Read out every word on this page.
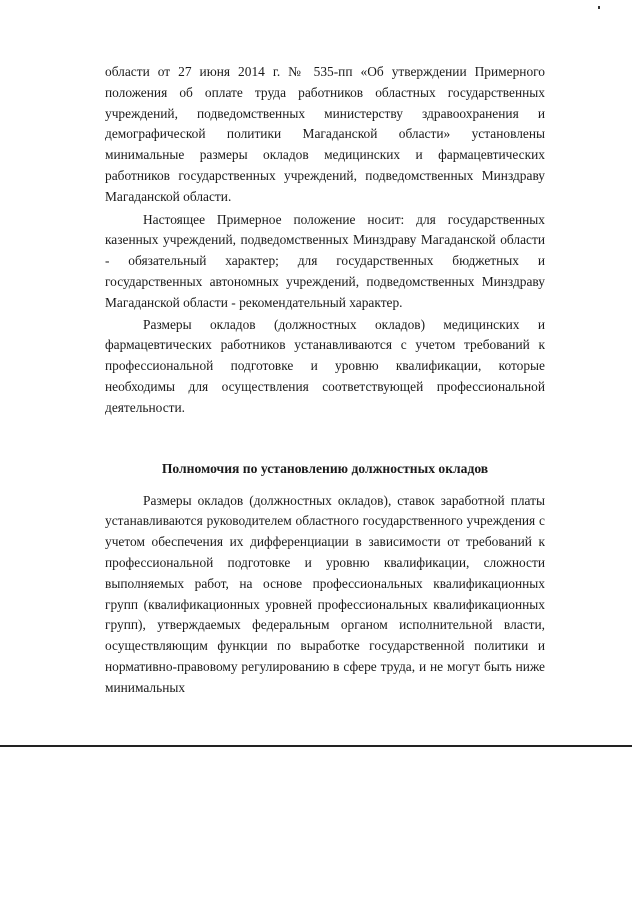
области от 27 июня 2014 г. № 535-пп «Об утверждении Примерного положения об оплате труда работников областных государственных учреждений, подведомственных министерству здравоохранения и демографической политики Магаданской области» установлены минимальные размеры окладов медицинских и фармацевтических работников государственных учреждений, подведомственных Минздраву Магаданской области.

Настоящее Примерное положение носит: для государственных казенных учреждений, подведомственных Минздраву Магаданской области - обязательный характер; для государственных бюджетных и государственных автономных учреждений, подведомственных Минздраву Магаданской области - рекомендательный характер.

Размеры окладов (должностных окладов) медицинских и фармацевтических работников устанавливаются с учетом требований к профессиональной подготовке и уровню квалификации, которые необходимы для осуществления соответствующей профессиональной деятельности.

Полномочия по установлению должностных окладов

Размеры окладов (должностных окладов), ставок заработной платы устанавливаются руководителем областного государственного учреждения с учетом обеспечения их дифференциации в зависимости от требований к профессиональной подготовке и уровню квалификации, сложности выполняемых работ, на основе профессиональных квалификационных групп (квалификационных уровней профессиональных квалификационных групп), утверждаемых федеральным органом исполнительной власти, осуществляющим функции по выработке государственной политики и нормативно-правовому регулированию в сфере труда, и не могут быть ниже минимальных
